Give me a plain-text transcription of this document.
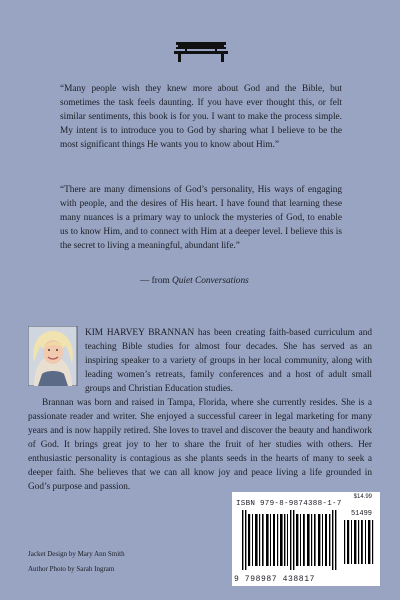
“Many people wish they knew more about God and the Bible, but sometimes the task feels daunting. If you have ever thought this, or felt similar sentiments, this book is for you. I want to make the process simple. My intent is to introduce you to God by sharing what I believe to be the most significant things He wants you to know about Him.”
“There are many dimensions of God’s personality, His ways of engaging with people, and the desires of His heart. I have found that learning these many nuances is a primary way to unlock the mysteries of God, to enable us to know Him, and to connect with Him at a deeper level. I believe this is the secret to living a meaningful, abundant life.”
— from Quiet Conversations

KIM HARVEY BRANNAN has been creating faith-based curriculum and teaching Bible studies for almost four decades. She has served as an inspiring speaker to a variety of groups in her local community, along with leading women’s retreats, family conferences and a host of adult small groups and Christian Education studies.

Brannan was born and raised in Tampa, Florida, where she currently resides. She is a passionate reader and writer. She enjoyed a successful career in legal marketing for many years and is now happily retired. She loves to travel and discover the beauty and handiwork of God. It brings great joy to her to share the fruit of her studies with others. Her enthusiastic personality is contagious as she plants seeds in the hearts of many to seek a deeper faith. She believes that we can all know joy and peace living a life grounded in God’s purpose and passion.

Jacket Design by Mary Ann Smith
Author Photo by Sarah Ingram
$14.99
ISBN 979-8-9874388-1-7
51499
9 798987 438817
